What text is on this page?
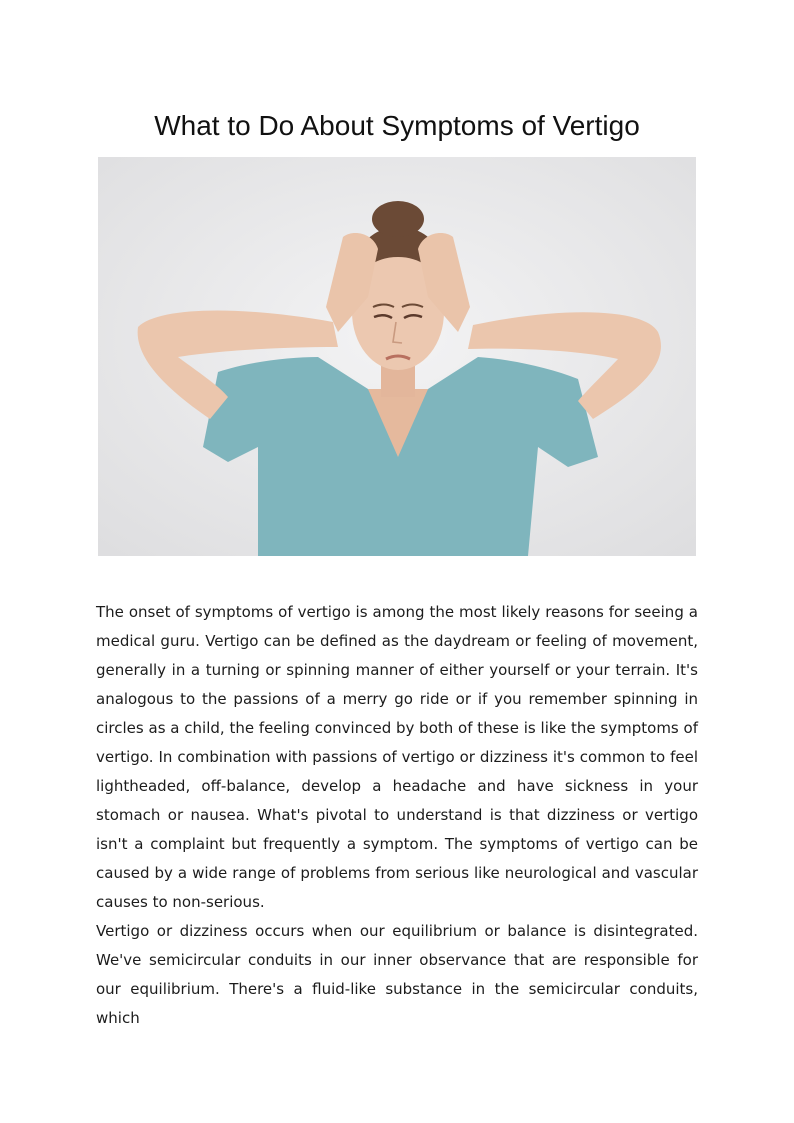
What to Do About Symptoms of Vertigo

The onset of symptoms of vertigo is among the most likely reasons for seeing a medical guru. Vertigo can be defined as the daydream or feeling of movement, generally in a turning or spinning manner of either yourself or your terrain. It's analogous to the passions of a merry go ride or if you remember spinning in circles as a child, the feeling convinced by both of these is like the symptoms of vertigo. In combination with passions of vertigo or dizziness it's common to feel lightheaded, off-balance, develop a headache and have sickness in your stomach or nausea. What's pivotal to understand is that dizziness or vertigo isn't a complaint but frequently a symptom. The symptoms of vertigo can be caused by a wide range of problems from serious like neurological and vascular causes to non-serious.

Vertigo or dizziness occurs when our equilibrium or balance is disintegrated. We've semicircular conduits in our inner observance that are responsible for our equilibrium. There's a fluid-like substance in the semicircular conduits, which
